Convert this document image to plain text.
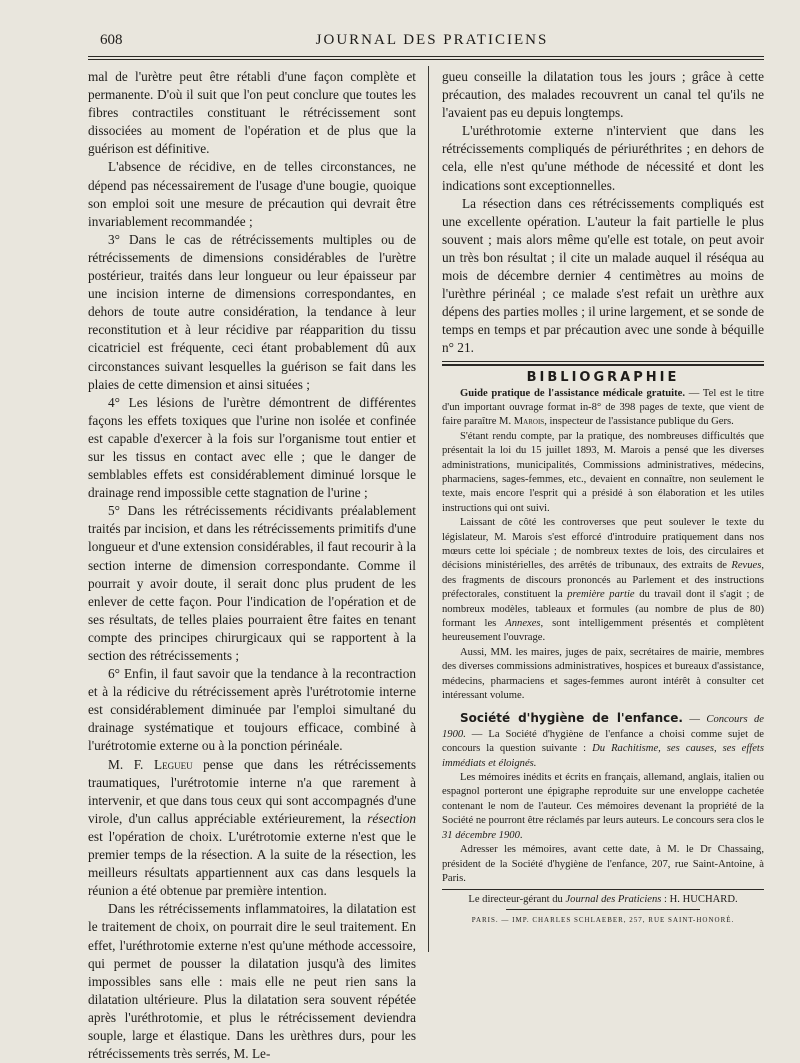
608	JOURNAL DES PRATICIENS

mal de l'urètre peut être rétabli d'une façon complète et permanente. D'où il suit que l'on peut conclure que toutes les fibres contractiles constituant le rétrécissement sont dissociées au moment de l'opération et de plus que la guérison est définitive.

L'absence de récidive, en de telles circonstances, ne dépend pas nécessairement de l'usage d'une bougie, quoique son emploi soit une mesure de précaution qui devrait être invariablement recommandée ;

3° Dans le cas de rétrécissements multiples ou de rétrécissements de dimensions considérables de l'urètre postérieur, traités dans leur longueur ou leur épaisseur par une incision interne de dimensions correspondantes, en dehors de toute autre considération, la tendance à leur reconstitution et à leur récidive par réapparition du tissu cicatriciel est fréquente, ceci étant probablement dû aux circonstances suivant lesquelles la guérison se fait dans les plaies de cette dimension et ainsi situées ;

4° Les lésions de l'urètre démontrent de différentes façons les effets toxiques que l'urine non isolée et confinée est capable d'exercer à la fois sur l'organisme tout entier et sur les tissus en contact avec elle ; que le danger de semblables effets est considérablement diminué lorsque le drainage rend impossible cette stagnation de l'urine ;

5° Dans les rétrécissements récidivants préalablement traités par incision, et dans les rétrécissements primitifs d'une longueur et d'une extension considérables, il faut recourir à la section interne de dimension correspondante. Comme il pourrait y avoir doute, il serait donc plus prudent de les enlever de cette façon. Pour l'indication de l'opération et de ses résultats, de telles plaies pourraient être faites en tenant compte des principes chirurgicaux qui se rapportent à la section des rétrécissements ;

6° Enfin, il faut savoir que la tendance à la recontraction et à la rédicive du rétrécissement après l'urétrotomie interne est considérablement diminuée par l'emploi simultané du drainage systématique et toujours efficace, combiné à l'urétrotomie externe ou à la ponction périnéale.

M. F. Legueu pense que dans les rétrécissements traumatiques, l'urétrotomie interne n'a que rarement à intervenir, et que dans tous ceux qui sont accompagnés d'une virole, d'un callus appréciable extérieurement, la résection est l'opération de choix. L'urétrotomie externe n'est que le premier temps de la résection. A la suite de la résection, les meilleurs résultats appartiennent aux cas dans lesquels la réunion a été obtenue par première intention.

Dans les rétrécissements inflammatoires, la dilatation est le traitement de choix, on pourrait dire le seul traitement. En effet, l'uréthrotomie externe n'est qu'une méthode accessoire, qui permet de pousser la dilatation jusqu'à des limites impossibles sans elle : mais elle ne peut rien sans la dilatation ultérieure. Plus la dilatation sera souvent répétée après l'uréthrotomie, et plus le rétrécissement deviendra souple, large et élastique. Dans les urèthres durs, pour les rétrécissements très serrés, M. Le-

gueu conseille la dilatation tous les jours ; grâce à cette précaution, des malades recouvrent un canal tel qu'ils ne l'avaient pas eu depuis longtemps.

L'uréthrotomie externe n'intervient que dans les rétrécissements compliqués de périuréthrites ; en dehors de cela, elle n'est qu'une méthode de nécessité et dont les indications sont exceptionnelles.

La résection dans ces rétrécissements compliqués est une excellente opération. L'auteur la fait partielle le plus souvent ; mais alors même qu'elle est totale, on peut avoir un très bon résultat ; il cite un malade auquel il réséqua au mois de décembre dernier 4 centimètres au moins de l'urèthre périnéal ; ce malade s'est refait un urèthre aux dépens des parties molles ; il urine largement, et se sonde de temps en temps et par précaution avec une sonde à béquille n° 21.

BIBLIOGRAPHIE

Guide pratique de l'assistance médicale gratuite. — Tel est le titre d'un important ouvrage format in-8° de 398 pages de texte, que vient de faire paraître M. Marois, inspecteur de l'assistance publique du Gers.

S'étant rendu compte, par la pratique, des nombreuses difficultés que présentait la loi du 15 juillet 1893, M. Marois a pensé que les diverses administrations, municipalités, Commissions administratives, médecins, pharmaciens, sages-femmes, etc., devaient en connaître, non seulement le texte, mais encore l'esprit qui a présidé à son élaboration et les utiles instructions qui ont suivi.

Laissant de côté les controverses que peut soulever le texte du législateur, M. Marois s'est efforcé d'introduire pratiquement dans nos mœurs cette loi spéciale ; de nombreux textes de lois, des circulaires et décisions ministérielles, des arrêtés de tribunaux, des extraits de Revues, des fragments de discours prononcés au Parlement et des instructions préfectorales, constituent la première partie du travail dont il s'agit ; de nombreux modèles, tableaux et formules (au nombre de plus de 80) formant les Annexes, sont intelligemment présentés et complètent heureusement l'ouvrage.

Aussi, MM. les maires, juges de paix, secrétaires de mairie, membres des diverses commissions administratives, hospices et bureaux d'assistance, médecins, pharmaciens et sages-femmes auront intérêt à consulter cet intéressant volume.

Société d'hygiène de l'enfance. — Concours de 1900. — La Société d'hygiène de l'enfance a choisi comme sujet de concours la question suivante : Du Rachitisme, ses causes, ses effets immédiats et éloignés.

Les mémoires inédits et écrits en français, allemand, anglais, italien ou espagnol porteront une épigraphe reproduite sur une enveloppe cachetée contenant le nom de l'auteur. Ces mémoires devenant la propriété de la Société ne pourront être réclamés par leurs auteurs. Le concours sera clos le 31 décembre 1900.

Adresser les mémoires, avant cette date, à M. le Dr Chassaing, président de la Société d'hygiène de l'enfance, 207, rue Saint-Antoine, à Paris.

Le directeur-gérant du Journal des Praticiens : H. HUCHARD.
PARIS. — IMP. CHARLES SCHLAEBER, 257, RUE SAINT-HONORÉ.
